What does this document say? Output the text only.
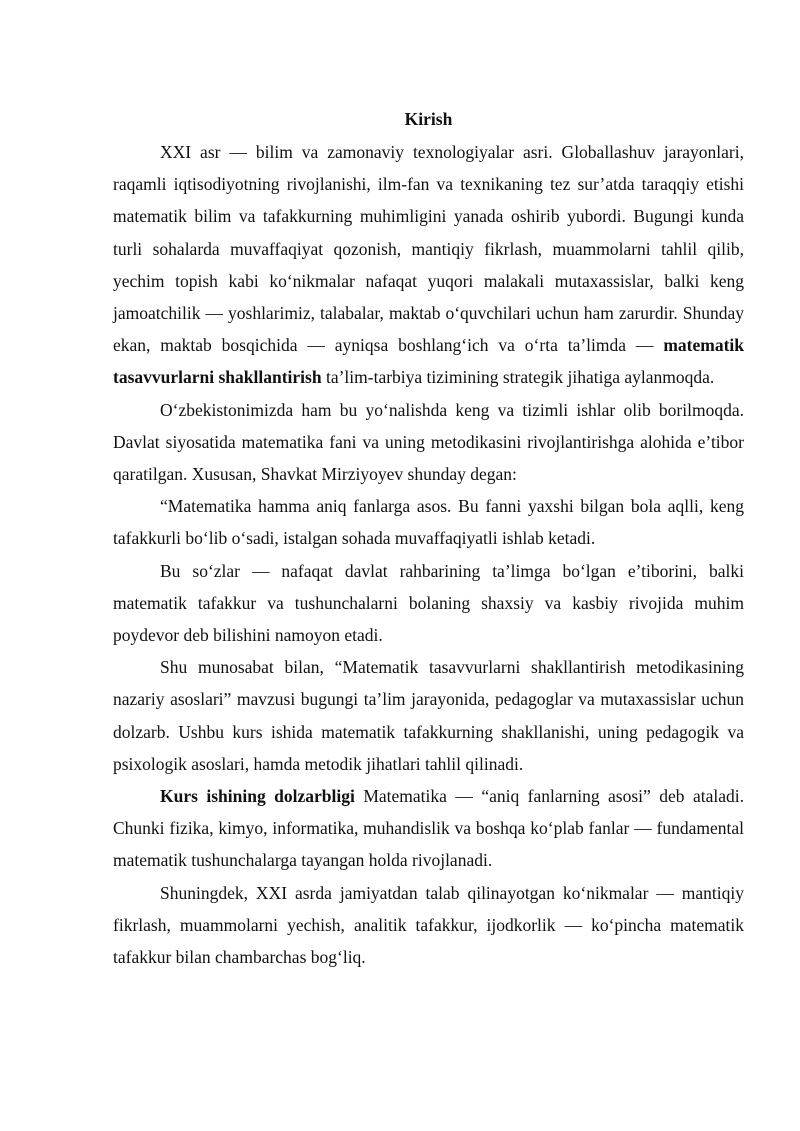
Kirish

XXI asr — bilim va zamonaviy texnologiyalar asri. Globallashuv jarayonlari, raqamli iqtisodiyotning rivojlanishi, ilm-fan va texnikaning tez sur’atda taraqqiy etishi matematik bilim va tafakkurning muhimligini yanada oshirib yubordi. Bugungi kunda turli sohalarda muvaffaqiyat qozonish, mantiqiy fikrlash, muammolarni tahlil qilib, yechim topish kabi koʻnikmalar nafaqat yuqori malakali mutaxassislar, balki keng jamoatchilik — yoshlarimiz, talabalar, maktab oʻquvchilari uchun ham zarurdir. Shunday ekan, maktab bosqichida — ayniqsa boshlangʻich va oʻrta ta’limda — matematik tasavvurlarni shakllantirish ta’lim-tarbiya tizimining strategik jihatiga aylanmoqda.

Oʻzbekistonimizda ham bu yoʻnalishda keng va tizimli ishlar olib borilmoqda. Davlat siyosatida matematika fani va uning metodikasini rivojlantirishga alohida e’tibor qaratilgan. Xususan, Shavkat Mirziyoyev shunday degan:

“Matematika hamma aniq fanlarga asos. Bu fanni yaxshi bilgan bola aqlli, keng tafakkurli boʻlib oʻsadi, istalgan sohada muvaffaqiyatli ishlab ketadi.

Bu soʻzlar — nafaqat davlat rahbarining ta’limga boʻlgan e’tiborini, balki matematik tafakkur va tushunchalarni bolaning shaxsiy va kasbiy rivojida muhim poydevor deb bilishini namoyon etadi.

Shu munosabat bilan, “Matematik tasavvurlarni shakllantirish metodikasining nazariy asoslari” mavzusi bugungi ta’lim jarayonida, pedagoglar va mutaxassislar uchun dolzarb. Ushbu kurs ishida matematik tafakkurning shakllanishi, uning pedagogik va psixologik asoslari, hamda metodik jihatlari tahlil qilinadi.

Kurs ishining dolzarbligi Matematika — “aniq fanlarning asosi” deb ataladi. Chunki fizika, kimyo, informatika, muhandislik va boshqa koʻplab fanlar — fundamental matematik tushunchalarga tayangan holda rivojlanadi.

Shuningdek, XXI asrda jamiyatdan talab qilinayotgan koʻnikmalar — mantiqiy fikrlash, muammolarni yechish, analitik tafakkur, ijodkorlik — koʻpincha matematik tafakkur bilan chambarchas bogʻliq.
